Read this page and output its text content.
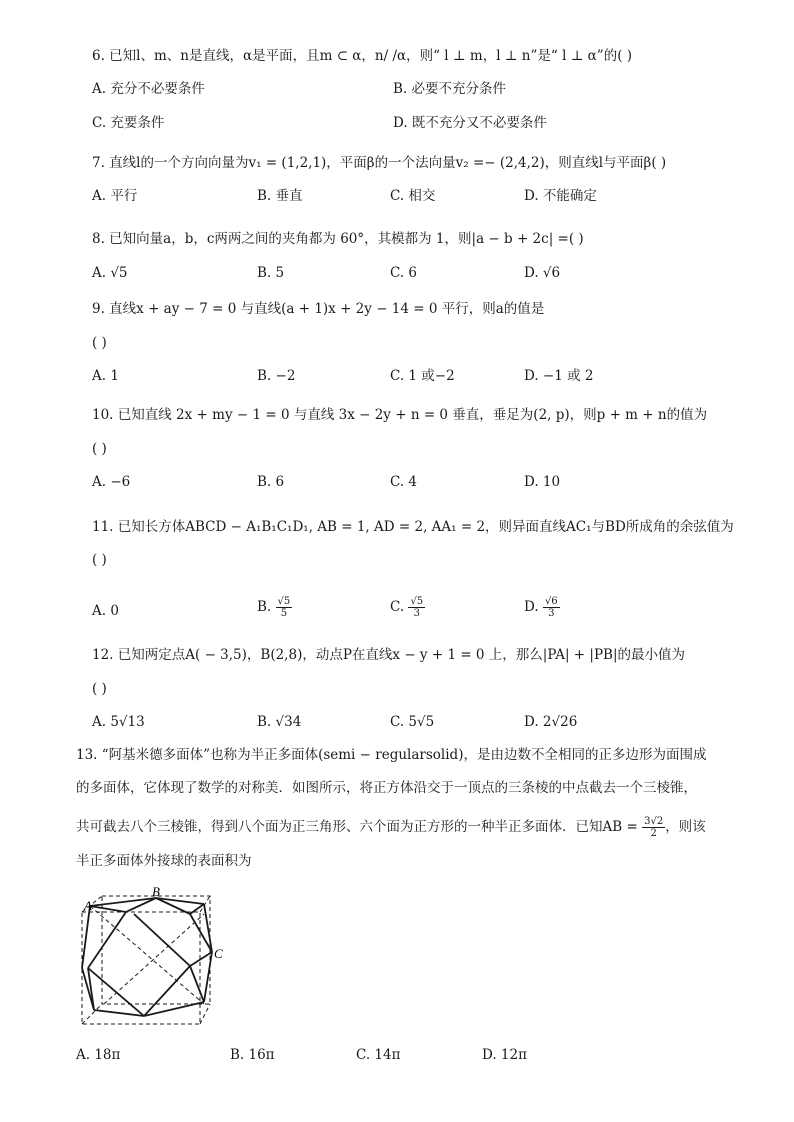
6. 已知l、m、n是直线，α是平面，且m ⊂ α，n/ /α，则“ l ⊥ m，l ⊥ n”是“ l ⊥ α”的( )
A. 充分不必要条件	B. 必要不充分条件
C. 充要条件	D. 既不充分又不必要条件
7. 直线l的一个方向向量为v₁ = (1,2,1)，平面β的一个法向量v₂ =− (2,4,2)，则直线l与平面β( )
A. 平行	B. 垂直	C. 相交	D. 不能确定
8. 已知向量a，b，c两两之间的夹角都为 60°，其模都为 1，则|a − b + 2c| =( )
A. √5	B. 5	C. 6	D. √6
9. 直线x + ay − 7 = 0 与直线(a + 1)x + 2y − 14 = 0 平行，则a的值是
( )
A. 1	B. −2	C. 1 或−2	D. −1 或 2
10. 已知直线 2x + my − 1 = 0 与直线 3x − 2y + n = 0 垂直，垂足为(2, p)，则p + m + n的值为
( )
A. −6	B. 6	C. 4	D. 10
11. 已知长方体ABCD − A₁B₁C₁D₁, AB = 1, AD = 2, AA₁ = 2，则异面直线AC₁与BD所成角的余弦值为
( )
A. 0	B. $\frac{√5}{5}$	C. $\frac{√5}{3}$	D. $\frac{√6}{3}$
12. 已知两定点A( − 3,5)，B(2,8)，动点P在直线x − y + 1 = 0 上，那么|PA| + |PB|的最小值为
( )
A. 5√13	B. √34	C. 5√5	D. 2√26
13. “阿基米德多面体”也称为半正多面体(semi − regularsolid)，是由边数不全相同的正多边形为面围成
的多面体，它体现了数学的对称美．如图所示，将正方体沿交于一顶点的三条棱的中点截去一个三棱锥，
共可截去八个三棱锥，得到八个面为正三角形、六个面为正方形的一种半正多面体．已知AB = $\frac{3√2}{2}$ ，则该
半正多面体外接球的表面积为
A
B
C
A. 18π	B. 16π	C. 14π	D. 12π
